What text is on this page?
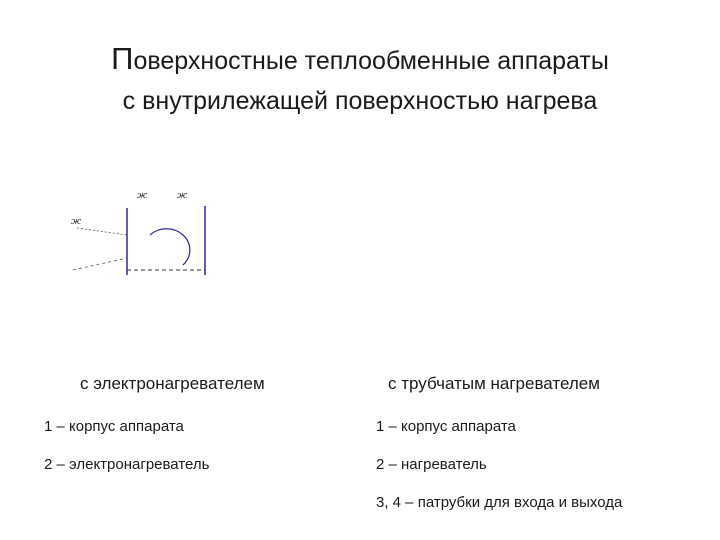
Поверхностные теплообменные аппараты
с внутрилежащей поверхностью нагрева
ж	ж
ж
с электронагревателем	с трубчатым нагревателем
1 – корпус аппарата
2 – электронагреватель
1 – корпус аппарата
2 – нагреватель
3, 4 – патрубки для входа и выхода
